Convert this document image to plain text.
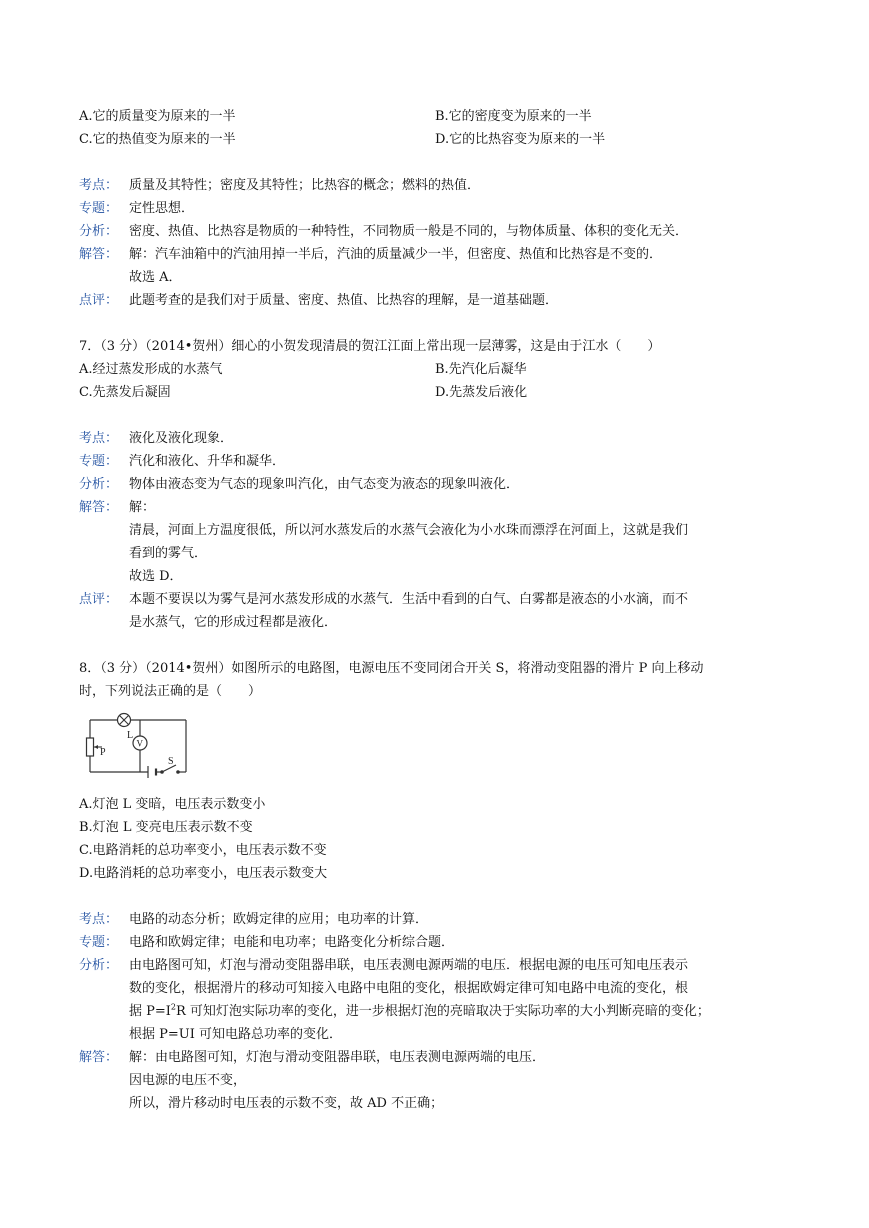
A.它的质量变为原来的一半	B.它的密度变为原来的一半
C.它的热值变为原来的一半	D.它的比热容变为原来的一半
考点： 质量及其特性；密度及其特性；比热容的概念；燃料的热值．
专题： 定性思想．
分析： 密度、热值、比热容是物质的一种特性，不同物质一般是不同的，与物体质量、体积的变化无关．
解答： 解：汽车油箱中的汽油用掉一半后，汽油的质量减少一半，但密度、热值和比热容是不变的．
故选 A．
点评： 此题考查的是我们对于质量、密度、热值、比热容的理解，是一道基础题．
7．（3 分）（2014•贺州）细心的小贺发现清晨的贺江江面上常出现一层薄雾，这是由于江水（　　）
A.经过蒸发形成的水蒸气	B.先汽化后凝华
C.先蒸发后凝固	D.先蒸发后液化
考点： 液化及液化现象．
专题： 汽化和液化、升华和凝华．
分析： 物体由液态变为气态的现象叫汽化，由气态变为液态的现象叫液化．
解答： 解：
清晨，河面上方温度很低，所以河水蒸发后的水蒸气会液化为小水珠而漂浮在河面上，这就是我们
看到的雾气．
故选 D．
点评： 本题不要误以为雾气是河水蒸发形成的水蒸气．生活中看到的白气、白雾都是液态的小水滴，而不
是水蒸气，它的形成过程都是液化．
8．（3 分）（2014•贺州）如图所示的电路图，电源电压不变同闭合开关 S，将滑动变阻器的滑片 P 向上移动
时，下列说法正确的是（　　）
L
V
P
S
A.灯泡 L 变暗，电压表示数变小
B.灯泡 L 变亮电压表示数不变
C.电路消耗的总功率变小，电压表示数不变
D.电路消耗的总功率变小，电压表示数变大
考点： 电路的动态分析；欧姆定律的应用；电功率的计算．
专题： 电路和欧姆定律；电能和电功率；电路变化分析综合题．
分析： 由电路图可知，灯泡与滑动变阻器串联，电压表测电源两端的电压．根据电源的电压可知电压表示
数的变化，根据滑片的移动可知接入电路中电阻的变化，根据欧姆定律可知电路中电流的变化，根
据 $P=I^2R$ 可知灯泡实际功率的变化，进一步根据灯泡的亮暗取决于实际功率的大小判断亮暗的变化；
根据 P=UI 可知电路总功率的变化．
解答： 解：由电路图可知，灯泡与滑动变阻器串联，电压表测电源两端的电压．
因电源的电压不变，
所以，滑片移动时电压表的示数不变，故 AD 不正确；
